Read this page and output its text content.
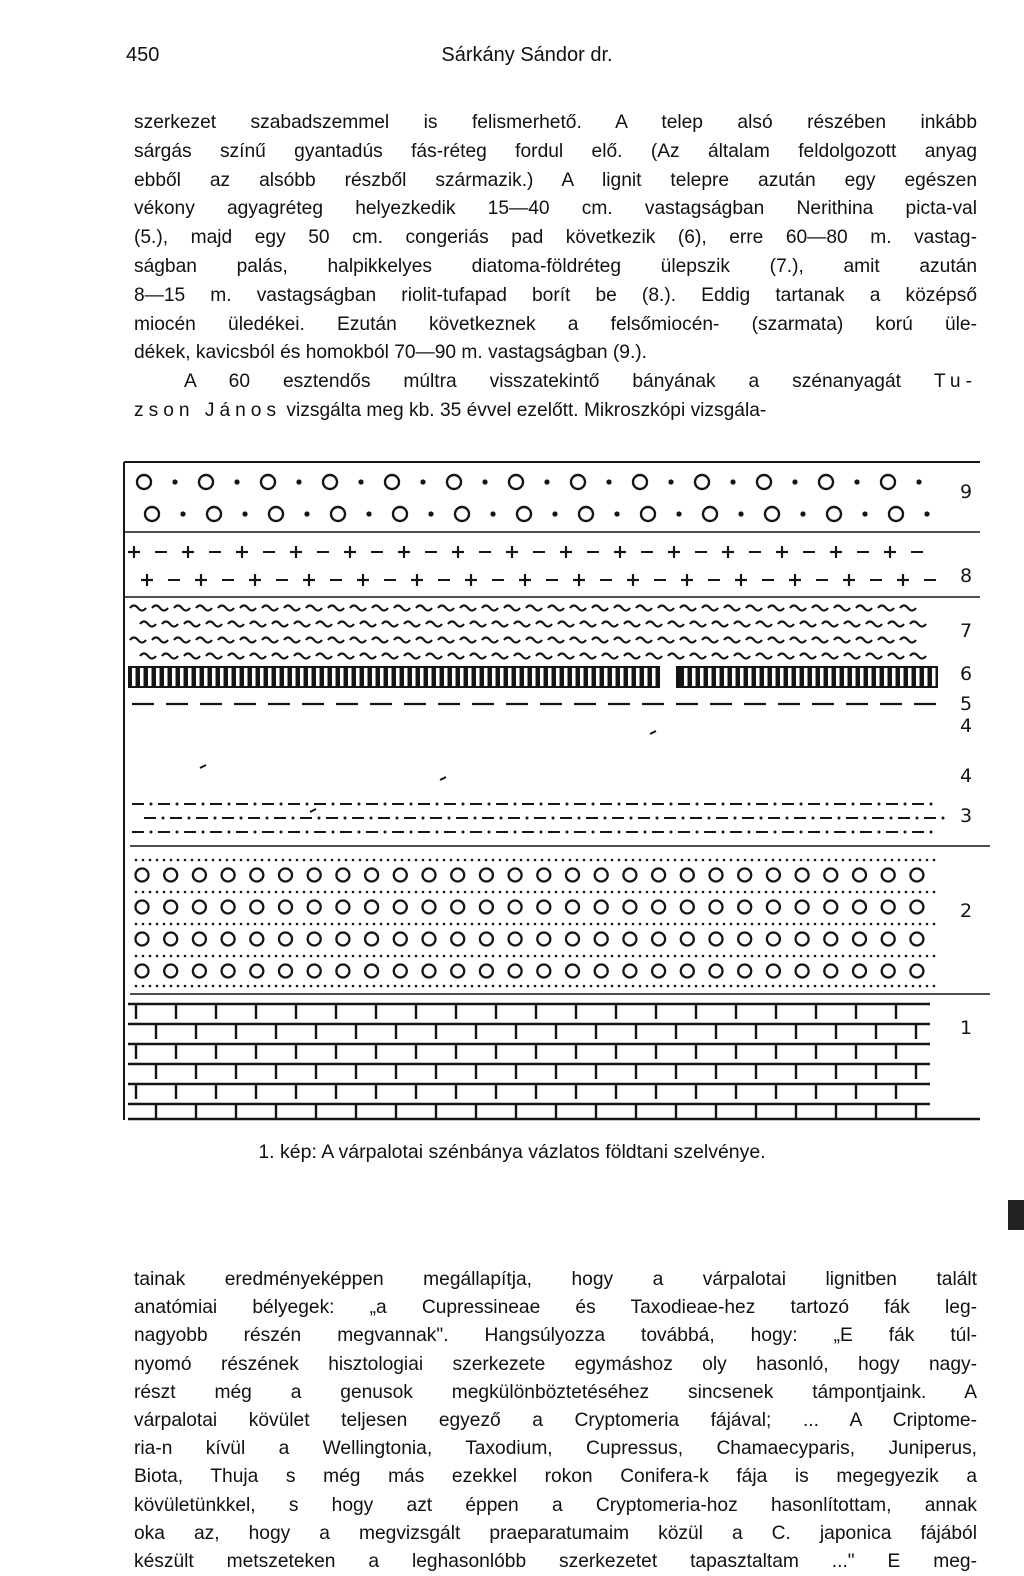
450	Sárkány Sándor dr.

szerkezet szabadszemmel is felismerhető. A telep alsó részében inkább

sárgás színű gyantadús fás-réteg fordul elő. (Az általam feldolgozott anyag

ebből az alsóbb részből származik.) A lignit telepre azután egy egészen

vékony agyagréteg helyezkedik 15—40 cm. vastagságban Nerithina picta-val

(5.), majd egy 50 cm. congeriás pad következik (6), erre 60—80 m. vastag-

ságban palás, halpikkelyes diatoma-földréteg ülepszik (7.), amit azután

8—15 m. vastagságban riolit-tufapad borít be (8.). Eddig tartanak a középső

miocén üledékei. Ezután következnek a felsőmiocén- (szarmata) korú üle-

dékek, kavicsból és homokból 70—90 m. vastagságban (9.).

A 60 esztendős múltra visszatekintő bányának a szénanyagát Tu-

zson János vizsgálta meg kb. 35 évvel ezelőtt. Mikroszkópi vizsgála-

9
8
7
6
5
4
4
3
2
1
1. kép: A várpalotai szénbánya vázlatos földtani szelvénye.

tainak eredményeképpen megállapítja, hogy a várpalotai lignitben talált

anatómiai bélyegek: „a Cupressineae és Taxodieae-hez tartozó fák leg-

nagyobb részén megvannak". Hangsúlyozza továbbá, hogy: „E fák túl-

nyomó részének hisztologiai szerkezete egymáshoz oly hasonló, hogy nagy-

részt még a genusok megkülönböztetéséhez sincsenek támpontjaink. A

várpalotai kövület teljesen egyező a Cryptomeria fájával; ... A Criptome-

ria-n kívül a Wellingtonia, Taxodium, Cupressus, Chamaecyparis, Juniperus,

Biota, Thuja s még más ezekkel rokon Conifera-k fája is megegyezik a

kövületünkkel, s hogy azt éppen a Cryptomeria-hoz hasonlítottam, annak

oka az, hogy a megvizsgált praeparatumaim közül a C. japonica fájából

készült metszeteken a leghasonlóbb szerkezetet tapasztaltam ..." E meg-
